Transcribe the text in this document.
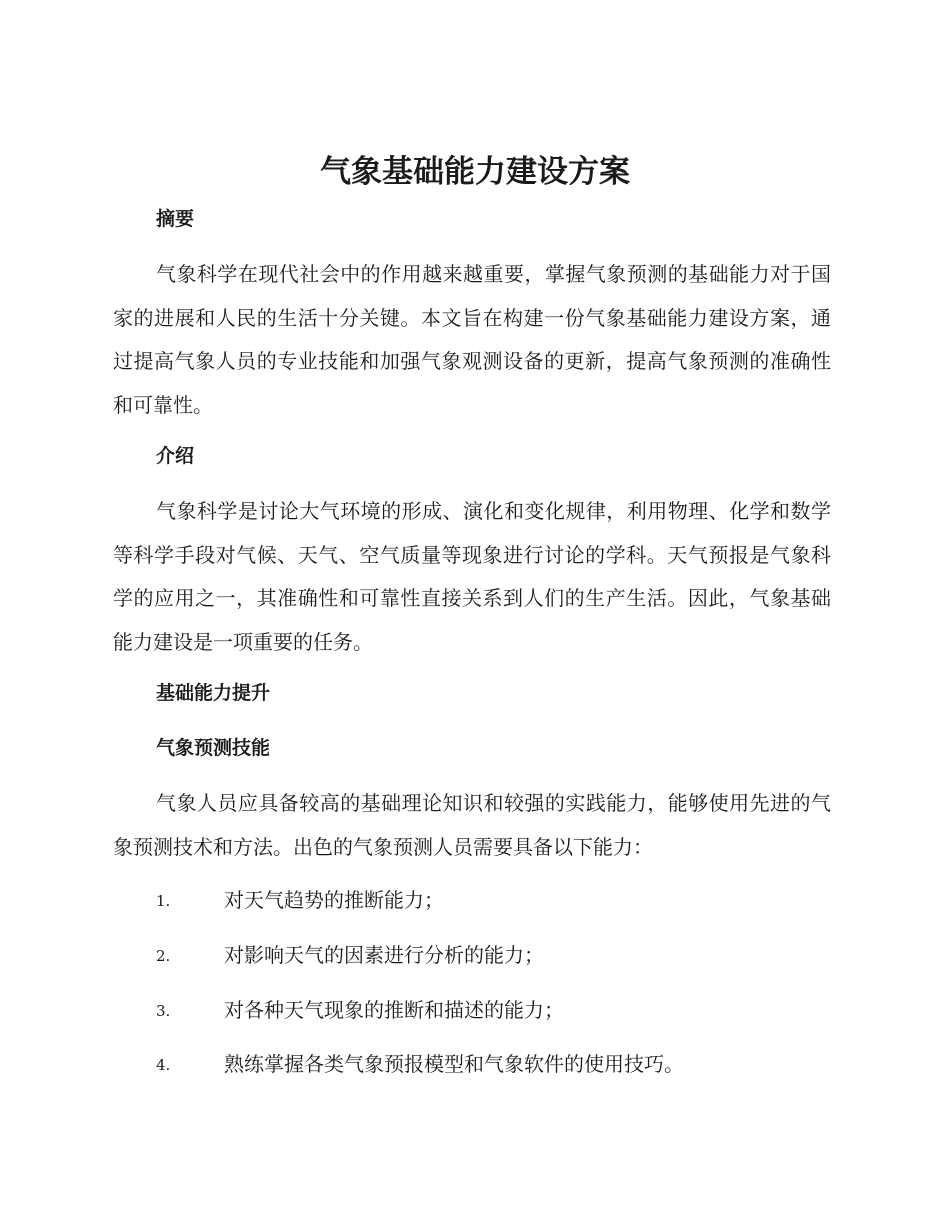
气象基础能力建设方案
摘要

气象科学在现代社会中的作用越来越重要，掌握气象预测的基础能力对于国家的进展和人民的生活十分关键。本文旨在构建一份气象基础能力建设方案，通过提高气象人员的专业技能和加强气象观测设备的更新，提高气象预测的准确性和可靠性。

介绍

气象科学是讨论大气环境的形成、演化和变化规律，利用物理、化学和数学等科学手段对气候、天气、空气质量等现象进行讨论的学科。天气预报是气象科学的应用之一，其准确性和可靠性直接关系到人们的生产生活。因此，气象基础能力建设是一项重要的任务。

基础能力提升
气象预测技能

气象人员应具备较高的基础理论知识和较强的实践能力，能够使用先进的气象预测技术和方法。出色的气象预测人员需要具备以下能力：

1.	对天气趋势的推断能力；
2.	对影响天气的因素进行分析的能力；
3.	对各种天气现象的推断和描述的能力；
4.	熟练掌握各类气象预报模型和气象软件的使用技巧。
